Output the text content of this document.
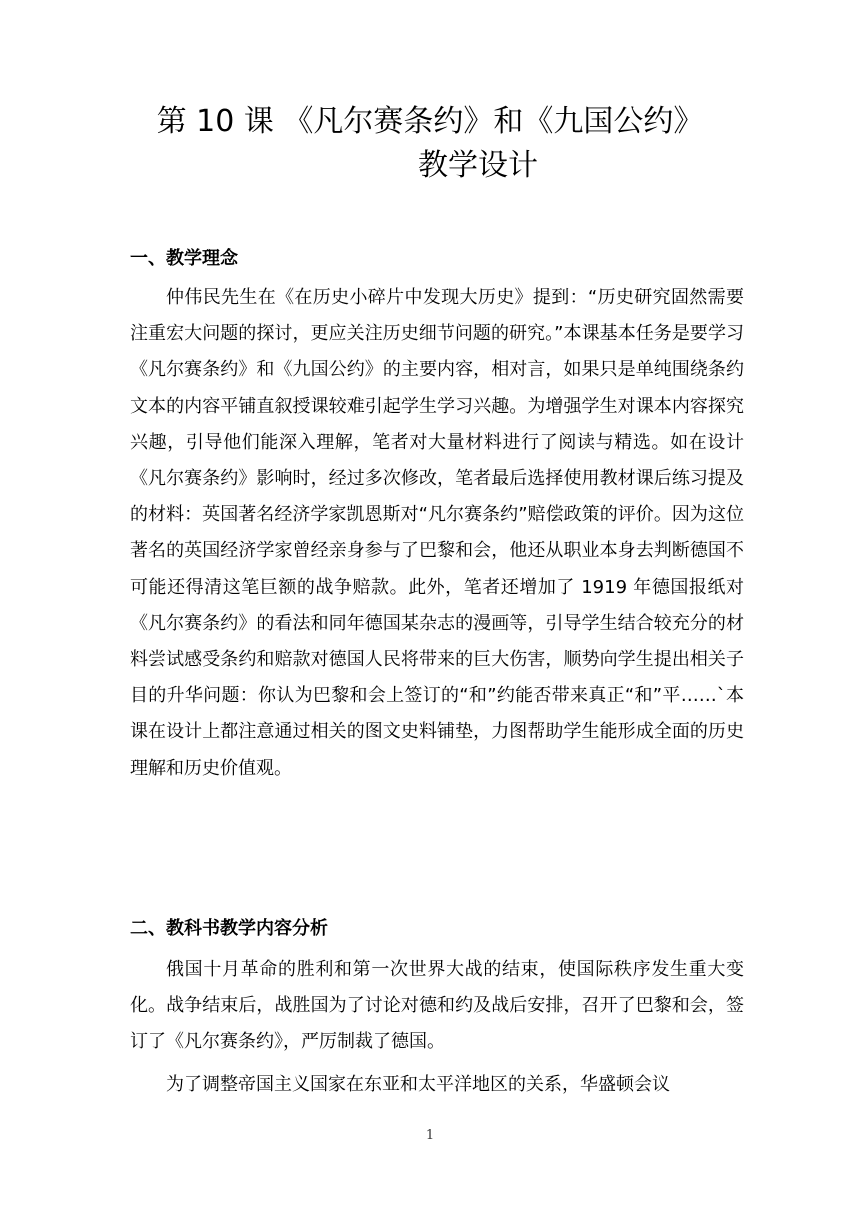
第 10 课 《凡尔赛条约》和《九国公约》
教学设计
一、教学理念

仲伟民先生在《在历史小碎片中发现大历史》提到：“历史研究固然需要注重宏大问题的探讨，更应关注历史细节问题的研究。”本课基本任务是要学习《凡尔赛条约》和《九国公约》的主要内容，相对言，如果只是单纯围绕条约文本的内容平铺直叙授课较难引起学生学习兴趣。为增强学生对课本内容探究兴趣，引导他们能深入理解，笔者对大量材料进行了阅读与精选。如在设计《凡尔赛条约》影响时，经过多次修改，笔者最后选择使用教材课后练习提及的材料：英国著名经济学家凯恩斯对“凡尔赛条约”赔偿政策的评价。因为这位著名的英国经济学家曾经亲身参与了巴黎和会，他还从职业本身去判断德国不可能还得清这笔巨额的战争赔款。此外，笔者还增加了 1919 年德国报纸对《凡尔赛条约》的看法和同年德国某杂志的漫画等，引导学生结合较充分的材料尝试感受条约和赔款对德国人民将带来的巨大伤害，顺势向学生提出相关子目的升华问题：你认为巴黎和会上签订的“和”约能否带来真正“和”平……`本课在设计上都注意通过相关的图文史料铺垫，力图帮助学生能形成全面的历史理解和历史价值观。

二、教科书教学内容分析

俄国十月革命的胜利和第一次世界大战的结束，使国际秩序发生重大变化。战争结束后，战胜国为了讨论对德和约及战后安排，召开了巴黎和会，签订了《凡尔赛条约》，严厉制裁了德国。

为了调整帝国主义国家在东亚和太平洋地区的关系，华盛顿会议

1
